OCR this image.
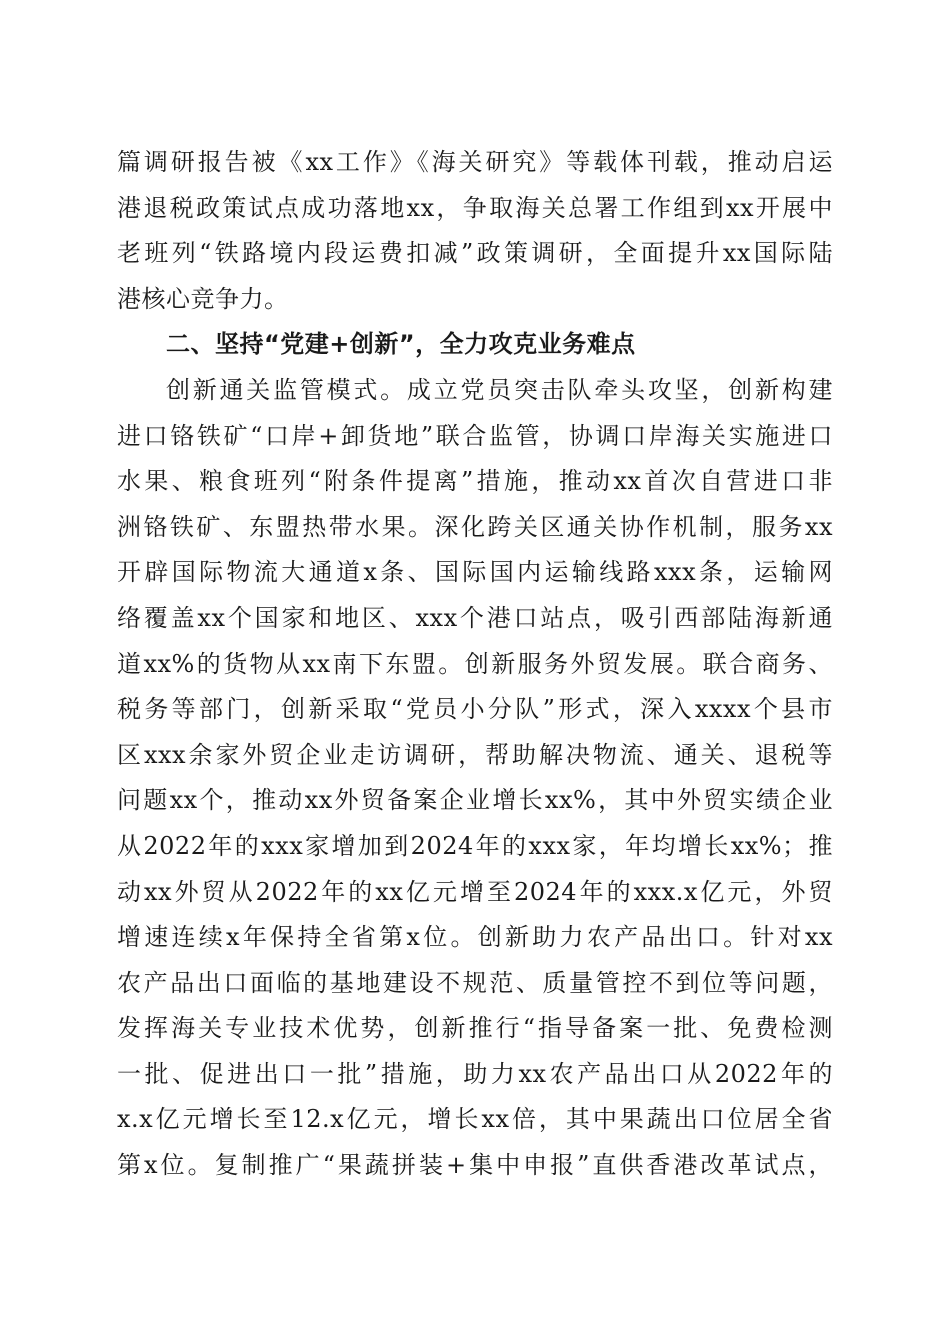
篇调研报告被《xx工作》《海关研究》等载体刊载，推动启运
港退税政策试点成功落地xx，争取海关总署工作组到xx开展中
老班列“铁路境内段运费扣减”政策调研，全面提升xx国际陆
港核心竞争力。
二、坚持“党建+创新”，全力攻克业务难点
创新通关监管模式。成立党员突击队牵头攻坚，创新构建
进口铬铁矿“口岸+卸货地”联合监管，协调口岸海关实施进口
水果、粮食班列“附条件提离”措施，推动xx首次自营进口非
洲铬铁矿、东盟热带水果。深化跨关区通关协作机制，服务xx
开辟国际物流大通道x条、国际国内运输线路xxx条，运输网
络覆盖xx个国家和地区、xxx个港口站点，吸引西部陆海新通
道xx%的货物从xx南下东盟。创新服务外贸发展。联合商务、
税务等部门，创新采取“党员小分队”形式，深入xxxx个县市
区xxx余家外贸企业走访调研，帮助解决物流、通关、退税等
问题xx个，推动xx外贸备案企业增长xx%，其中外贸实绩企业
从2022年的xxx家增加到2024年的xxx家，年均增长xx%；推
动xx外贸从2022年的xx亿元增至2024年的xxx.x亿元，外贸
增速连续x年保持全省第x位。创新助力农产品出口。针对xx
农产品出口面临的基地建设不规范、质量管控不到位等问题，
发挥海关专业技术优势，创新推行“指导备案一批、免费检测
一批、促进出口一批”措施，助力xx农产品出口从2022年的
x.x亿元增长至12.x亿元，增长xx倍，其中果蔬出口位居全省
第x位。复制推广“果蔬拼装+集中申报”直供香港改革试点，
